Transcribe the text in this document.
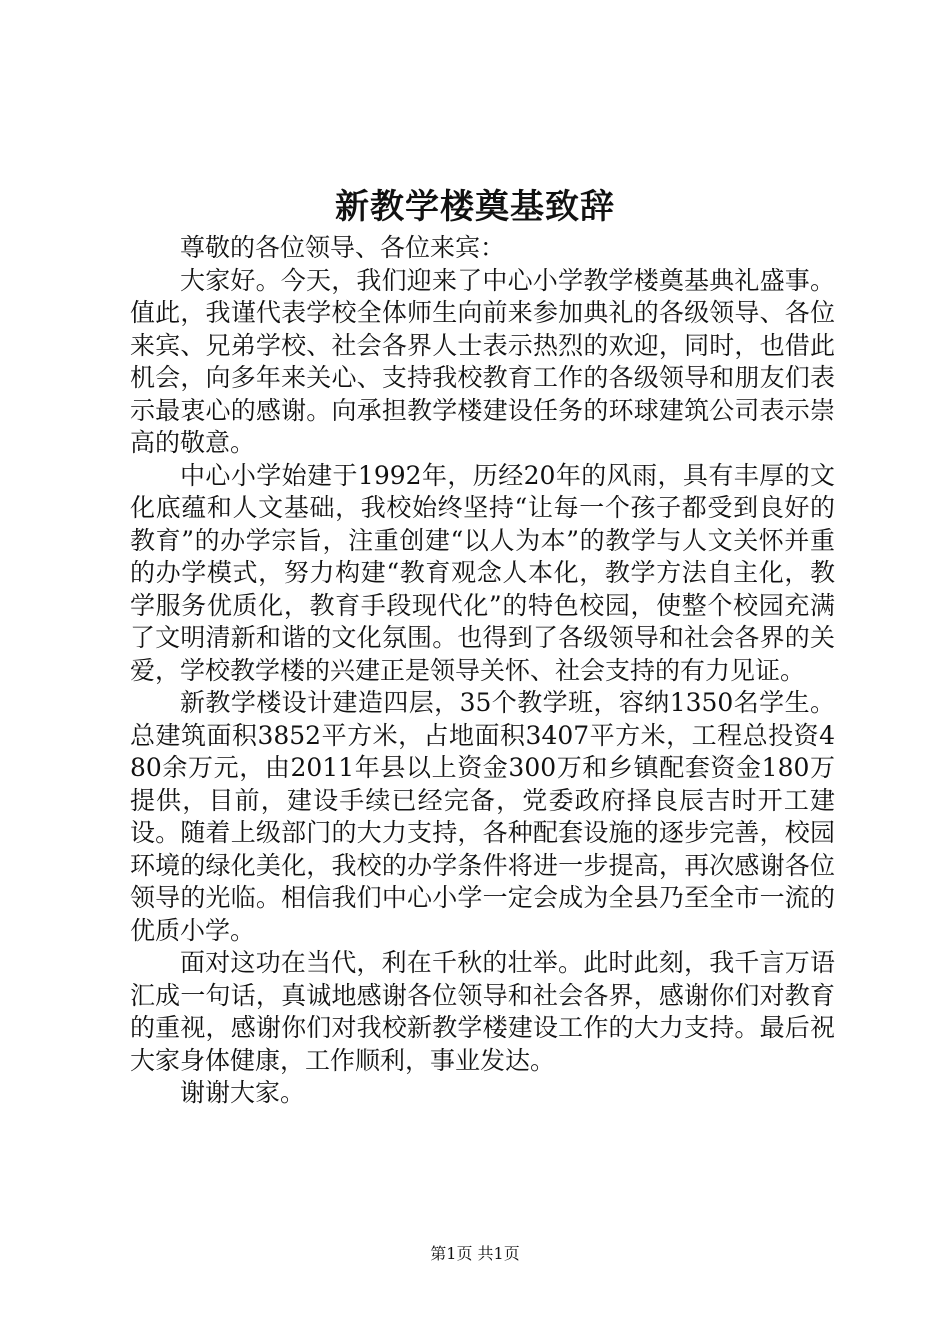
新教学楼奠基致辞

尊敬的各位领导、各位来宾：

大家好。今天，我们迎来了中心小学教学楼奠基典礼盛事。值此，我谨代表学校全体师生向前来参加典礼的各级领导、各位来宾、兄弟学校、社会各界人士表示热烈的欢迎，同时，也借此机会，向多年来关心、支持我校教育工作的各级领导和朋友们表示最衷心的感谢。向承担教学楼建设任务的环球建筑公司表示崇高的敬意。

中心小学始建于1992年，历经20年的风雨，具有丰厚的文化底蕴和人文基础，我校始终坚持“让每一个孩子都受到良好的教育”的办学宗旨，注重创建“以人为本”的教学与人文关怀并重的办学模式，努力构建“教育观念人本化，教学方法自主化，教学服务优质化，教育手段现代化”的特色校园，使整个校园充满了文明清新和谐的文化氛围。也得到了各级领导和社会各界的关爱，学校教学楼的兴建正是领导关怀、社会支持的有力见证。

新教学楼设计建造四层，35个教学班，容纳1350名学生。总建筑面积3852平方米，占地面积3407平方米，工程总投资480余万元，由2011年县以上资金300万和乡镇配套资金180万提供，目前，建设手续已经完备，党委政府择良辰吉时开工建设。随着上级部门的大力支持，各种配套设施的逐步完善，校园环境的绿化美化，我校的办学条件将进一步提高，再次感谢各位领导的光临。相信我们中心小学一定会成为全县乃至全市一流的优质小学。

面对这功在当代，利在千秋的壮举。此时此刻，我千言万语汇成一句话，真诚地感谢各位领导和社会各界，感谢你们对教育的重视，感谢你们对我校新教学楼建设工作的大力支持。最后祝大家身体健康，工作顺利，事业发达。

谢谢大家。

第1页 共1页
